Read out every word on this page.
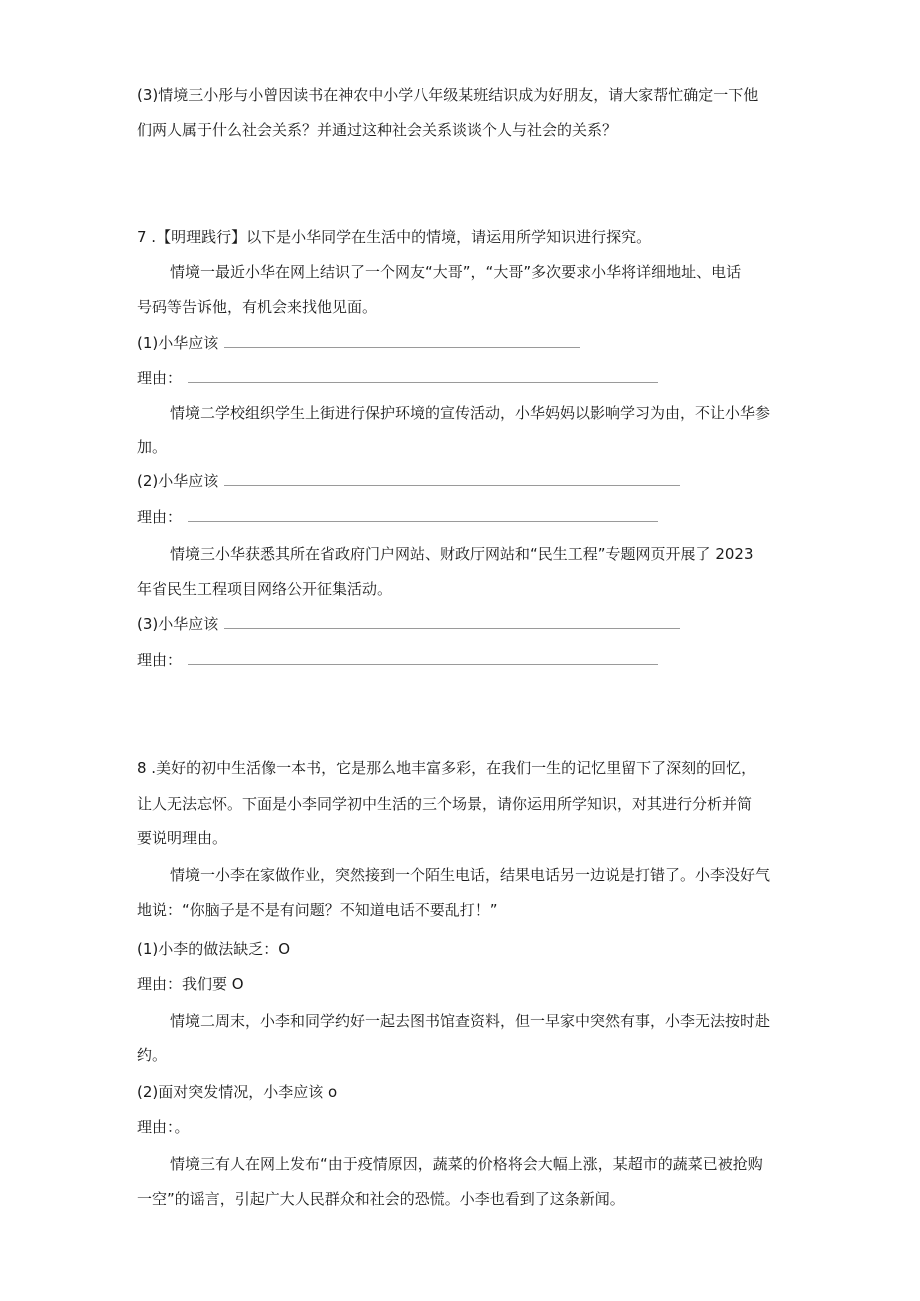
(3)情境三小彤与小曾因读书在神农中小学八年级某班结识成为好朋友，请大家帮忙确定一下他
们两人属于什么社会关系？并通过这种社会关系谈谈个人与社会的关系？
7 .【明理践行】以下是小华同学在生活中的情境，请运用所学知识进行探究。
情境一最近小华在网上结识了一个网友“大哥”，“大哥”多次要求小华将详细地址、电话
号码等告诉他，有机会来找他见面。
(1)小华应该
理由：
情境二学校组织学生上街进行保护环境的宣传活动，小华妈妈以影响学习为由，不让小华参
加。
(2)小华应该
理由：
情境三小华获悉其所在省政府门户网站、财政厅网站和“民生工程”专题网页开展了 2023
年省民生工程项目网络公开征集活动。
(3)小华应该
理由：
8 .美好的初中生活像一本书，它是那么地丰富多彩，在我们一生的记忆里留下了深刻的回忆，
让人无法忘怀。下面是小李同学初中生活的三个场景，请你运用所学知识，对其进行分析并简
要说明理由。
情境一小李在家做作业，突然接到一个陌生电话，结果电话另一边说是打错了。小李没好气
地说：“你脑子是不是有问题？不知道电话不要乱打！”
(1)小李的做法缺乏：O
理由：我们要 O
情境二周末，小李和同学约好一起去图书馆查资料，但一早家中突然有事，小李无法按时赴
约。
(2)面对突发情况，小李应该 o
理由：。
情境三有人在网上发布“由于疫情原因，蔬菜的价格将会大幅上涨，某超市的蔬菜已被抢购
一空”的谣言，引起广大人民群众和社会的恐慌。小李也看到了这条新闻。
